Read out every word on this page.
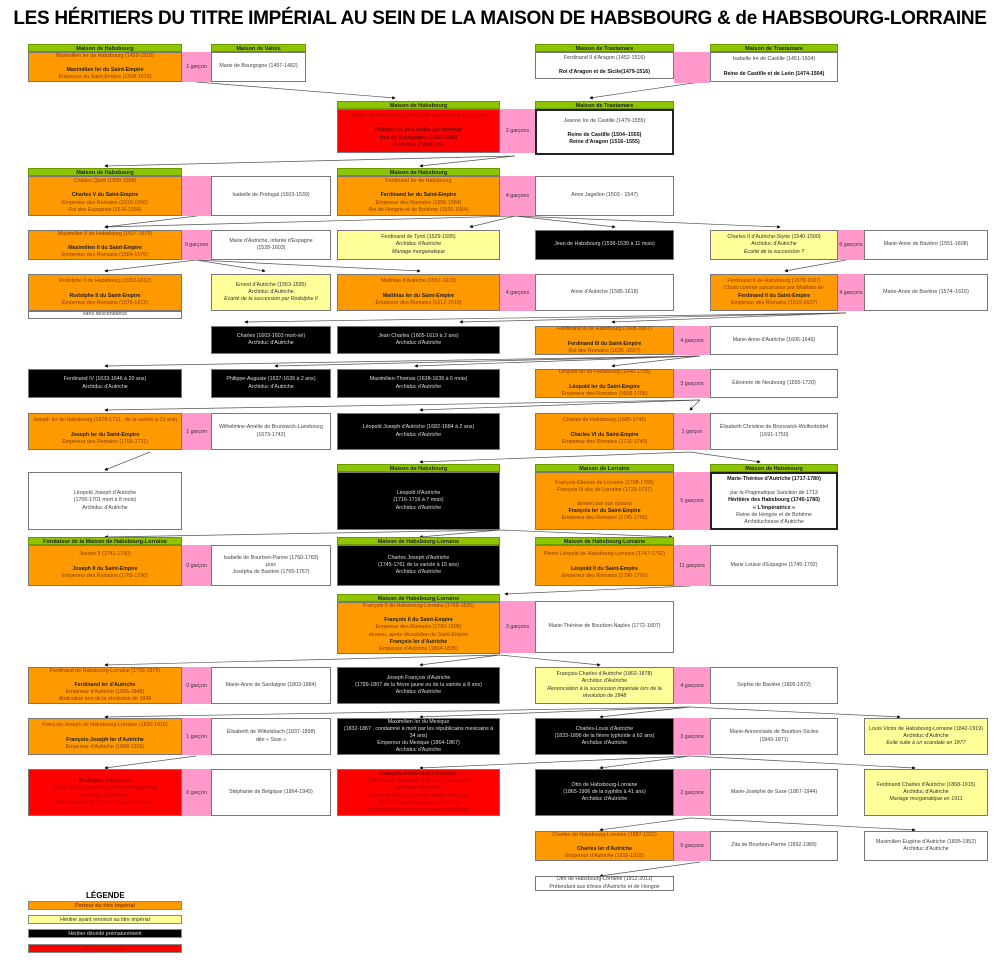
LES HÉRITIERS DU TITRE IMPÉRIAL AU SEIN DE LA MAISON DE HABSBOURG & de HABSBOURG-LORRAINE
Maison de Habsbourg
Maximilien Ier de Habsbourg (1459-1519)

Maximilien Ier du Saint-Empire
Empereur du Saint-Empire (1508-1519)
1 garçon
Maison de Valois
Marie de Bourgogne (1457-1482)
Maison de Trastamare
Ferdinand II d'Aragon (1452-1516)

Roi d'Aragon et de Sicile(1479-1516)
Maison de Trastamare
Isabelle Ire de Castille (1451-1504)

Reine de Castille et de León (1474-1504)
Maison de Habsbourg
Philippe de Habsbourg (1478-1506 empoisonné ? à 28 ans)

Philippe Ier de Castille par mariage
Duc de Bourgogne (1482-1506)
Archiduc d'Autriche
2 garçons
Maison de Trastamare
Jeanne Ire de Castille (1479-1555)

Reine de Castille (1504–1555)
Reine d'Aragon (1516–1555)
Maison de Habsbourg
Charles Quint (1500-1558)

Charles V du Saint-Empire
Empereur des Romains (1519-1556)
Roi des Espagnes (1516-1556)
Isabelle de Portugal (1503-1539)
Maison de Habsbourg
Ferdinand Ier de Habsbourg

Ferdinand Ier du Saint-Empire
Empereur des Romains (1556-1564)
Roi de Hongrie et de Bohême (1526-1564)
4 garçons	Anne Jagellon (1503 - 1547)
Maximilien II de Habsbourg (1527-1576)

Maximilien II du Saint-Empire
Empereur des Romains (1564-1576)
9 garçons
Marie d'Autriche, infante d'Espagne
(1528-1603)
Ferdinand de Tyrol (1529-1595)
Archiduc d'Autriche
Mariage morganatique
Jean de Habsbourg (1538-1539 à 11 mois)
Charles II d'Autriche-Styrie (1540-1590)
Archiduc d'Autriche
Écarté de la succession ?
6 garçons	Marie-Anne de Bavière (1551-1608)
Rodolphe II de Habsbourg (1552-1612)

Rodolphe II du Saint-Empire
Empereur des Romains (1576-1612)
sans descendance
Ernest d'Autriche (1553-1595)
Archiduc d'Autriche
Écarté de la succession par Rodolphe II
Matthias d'Autriche (1557-1619)

Matthias Ier du Saint-Empire
Empereur des Romains (1612-1619)
4 garçons	Anne d'Autriche (1585-1618)
Ferdinand II de Habsbourg (1578-1637)
Choisi comme successeur par Matthias Ier
Ferdinand II du Saint-Empire
Empereur des Romains (1619-1637)
4 garçons	Marie-Anne de Bavière (1574–1616)
Charles (1603-1603 mort-né)
Archiduc d'Autriche
Jean Charles (1605-1619 à 2 ans)
Archiduc d'Autriche
Ferdinand III de Habsbourg (1608-1657)

Ferdinand III du Saint-Empire
Roi des Romains (1636 -1657)
4 garçons	Marie-Anne d'Autriche (1606-1646)
Ferdinand IV (1633-1646 à 20 ans)
Archiduc d'Autriche
Philippe-Auguste (1637-1639 à 2 ans)
Archiduc d'Autriche
Maximilien-Thomas (1638-1639 à 6 mois)
Archiduc d'Autriche
Léopold Ier de Habsbourg (1640-1705)

Léopold Ier du Saint-Empire
Empereur des Romains (1658-1705)
3 garçons	Éléonore de Neubourg (1655-1720)
Joseph Ier de Habsbourg (1678-1711 , de la variole à 33 ans)

Joseph Ier du Saint-Empire
Empereur des Romains (1705-1711)
1 garçon
Wilhelmine-Amélie de Brunswick-Lunebourg
(1673-1742)
Léopold Joseph d'Autriche (1682-1684 à 2 ans)
Archiduc d'Autriche
Charles de Habsbourg (1685-1740)

Charles VI du Saint-Empire
Empereur des Romains (1711-1740)
1 garçon
Élisabeth Christine de Brunswick-Wolfenbüttel
(1691-1750)
Léopold Joseph d'Autriche
(1700-1701 mort à 8 mois)
Archiduc d'Autriche
Maison de Habsbourg
Léopold d'Autriche
(1716-1716 à 7 mois)
Archiduc d'Autriche
Maison de Lorraine
François-Étienne de Lorraine (1708-1765)
François III duc de Lorraine (1729-1737)

devenu par son épouse
François Ier du Saint-Empire
Empereur des Romains (1745-1765)
5 garçons
Maison de Habsbourg
Marie-Thérèse d'Autriche (1717-1780)

par la Pragmatique Sanction de 1713
Héritière des Habsbourg (1740-1780)
« L'Impératrice »
Reine de Hongrie et de Bohême
Archiduchesse d'Autriche
Fondateur de la Maison de Habsbourg-Lorraine
Joseph II (1741-1790)

Joseph II du Saint-Empire
Empereur des Romains (1765-1790)
0 garçon
Isabelle de Bourbon-Parme (1760-1763)
puis
Josépha de Bavière (1765-1767)
Maison de Habsbourg-Lorraine
Charles Joseph d'Autriche
(1745-1761 de la variole à 15 ans)
Archiduc d'Autriche
Maison de Habsbourg-Lorraine
Pierre-Léopold de Habsbourg-Lorraine (1747-1792)

Léopold II du Saint-Empire
Empereur des Romains (1790-1792)
11 garçons	Marie Louise d'Espagne (1745-1792)
Maison de Habsbourg-Lorraine
François II de Habsbourg-Lorraine (1768-1835)

François II du Saint-Empire
Empereur des Romains (1792-1806)
devenu, après dissolution du Saint-Empire
François Ier d'Autriche
Empereur d'Autriche (1804-1835)
3 garçons	Marie-Thérèse de Bourbon-Naples (1772-1807)
Ferdinand de Habsbourg-Lorraine (1793-1875)

Ferdinand Ier d'Autriche
Empereur d'Autriche (1835-1848)
Abdication lors de la révolution de 1848
0 garçon	Marie-Anne de Sardaigne (1803-1884)
Joseph François d'Autriche
(1799-1807 de la fièvre jaune ou de la variole à 8 ans)
Archiduc d'Autriche
François-Charles d'Autriche (1802-1878)
Archiduc d'Autriche
Renonciation à la succession impériale lors de la
révolution de 1848
4 garçons	Sophie de Bavière (1805-1872)
François-Joseph de Habsbourg-Lorraine (1830-1916)

François-Joseph Ier d'Autriche
Empereur d'Autriche (1848-1916)
1 garçon
Élisabeth de Wittelsbach (1837-1898)
dite « Sissi »
Maximilien Ier du Mexique
(1832-1867 , condamné à mort par les républicains mexicains à
34 ans)
Empereur du Mexique (1864-1867)
Archiduc d'Autriche
Charles-Louis d'Autriche
(1833-1896 de la fièvre typhoïde à 62 ans)
Archiduc d'Autriche
3 garçons
Marie-Annonciade de Bourbon-Siciles
(1843-1871)
Louis Victor de Habsbourg-Lorraine (1842-1919)
Archiduc d'Autriche
Exilé suite à un scandale en 1877
Rodolphe d'Autriche
(1858-1889 assassiné à 30 ans à Mayerling)
Archiduc d'Autriche
Prince héritier de l'Empire austro-hongrois
0 garçon	Stéphanie de Belgique (1864-1945)
François-Ferdinand d'Autriche
(1863-1914 assassiné à 50 ans à Sarajevo)
Archiduc d'Autriche
Prince héritier de l'Empire austro-hongrois
Son mariage morganatique écarte
sa descendance de la succession impériale
Otto de Habsbourg-Lorraine
(1865-1906 de la syphilis à 41 ans)
Archiduc d'Autriche
2 garçons	Marie-Josèphe de Saxe (1867-1944)
Ferdinand Charles d'Autriche (1868-1915)
Archiduc d'Autriche
Mariage morganatique en 1911
Charles de Habsbourg-Lorraine (1887-1922)

Charles Ier d'Autriche
Empereur d'Autriche (1916-1918)
5 garçons	Zita de Bourbon-Parme (1892-1989)
Maximilien Eugène d'Autriche (1895-1952)
Archiduc d'Autriche
Otto de Habsbourg-Lorraine (1912-2011)
Prétendant aux trônes d'Autriche et de Hongrie
LÉGENDE
Porteur du titre impérial
Héritier ayant renoncé au titre impérial
Héritier décédé prématurément
Héritier assassiné
